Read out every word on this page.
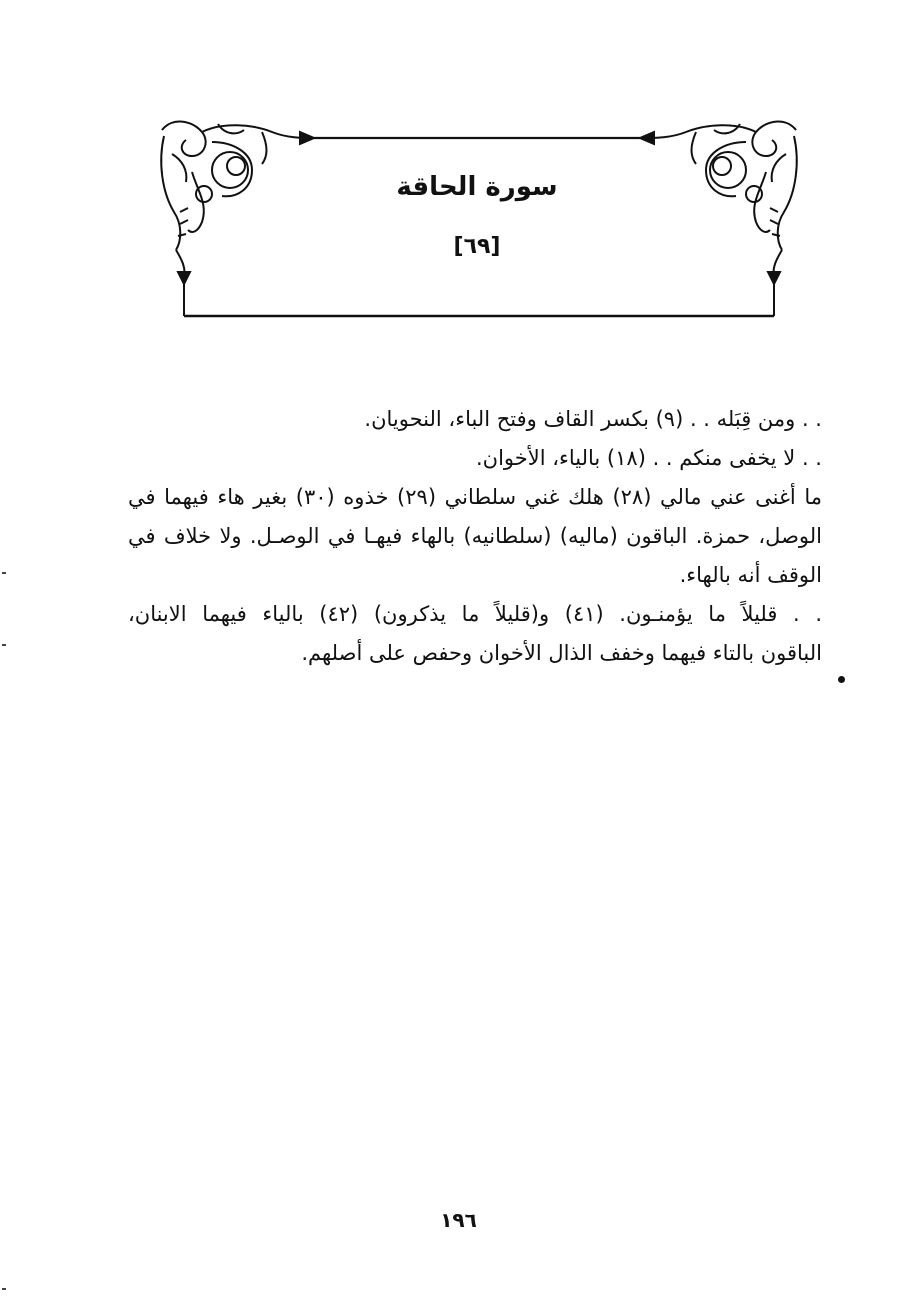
سورة الحاقة
[٦٩]
. . ومن قِبَله . . (٩) بكسر القاف وفتح الباء، النحويان.
. . لا يخفى منكم . . (١٨) بالياء، الأخوان.
ما أغنى عني مالي (٢٨) هلك غني سلطاني (٢٩) خذوه (٣٠) بغير هاء فيهما في
الوصل، حمزة. الباقون (ماليه) (سلطانيه) بالهاء فيهـا في الوصـل. ولا خلاف في
الوقف أنه بالهاء.
. . قليلاً ما يؤمنـون. (٤١) و(قليلاً ما يذكرون) (٤٢) بالياء فيهما الابنان،
الباقون بالتاء فيهما وخفف الذال الأخوان وحفص على أصلهم.
١٩٦
